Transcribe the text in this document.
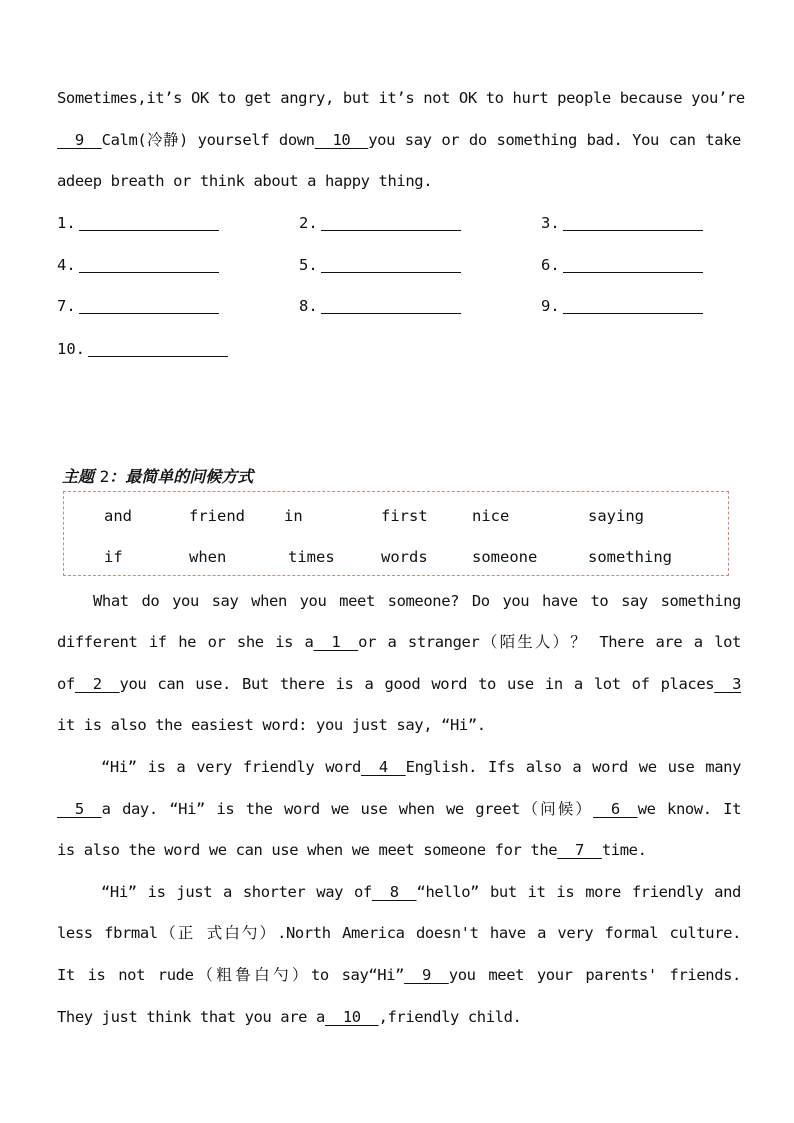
Sometimes,it’s OK to get angry, but it’s not OK to hurt people because you’re
9  Calm(冷静) yourself down  10  you say or do something bad. You can take
adeep breath or think about a happy thing.
1.	2.	3.
4.	5.	6.
7.	8.	9.
10.
主题 2：最简单的问候方式
and	friend	in	first	nice	saying
if	when	times	words	someone	something
What do you say when you meet someone? Do you have to say something
different if he or she is a  1  or a stranger（陌生人）？ There are a lot
of  2  you can use. But there is a good word to use in a lot of places  3
it is also the easiest word: you just say, “Hi”.
“Hi” is a very friendly word  4  English. Ifs also a word we use many
5  a day. “Hi” is the word we use when we greet（问候）  6  we know. It
is also the word we can use when we meet someone for the  7  time.
“Hi” is just a shorter way of  8  “hello” but it is more friendly and
less fbrmal（正 式白勺）.North America doesn't have a very formal culture.
It is not rude（粗鲁白勺）to say“Hi”  9  you meet your parents' friends.
They just think that you are a  10  ,friendly child.
